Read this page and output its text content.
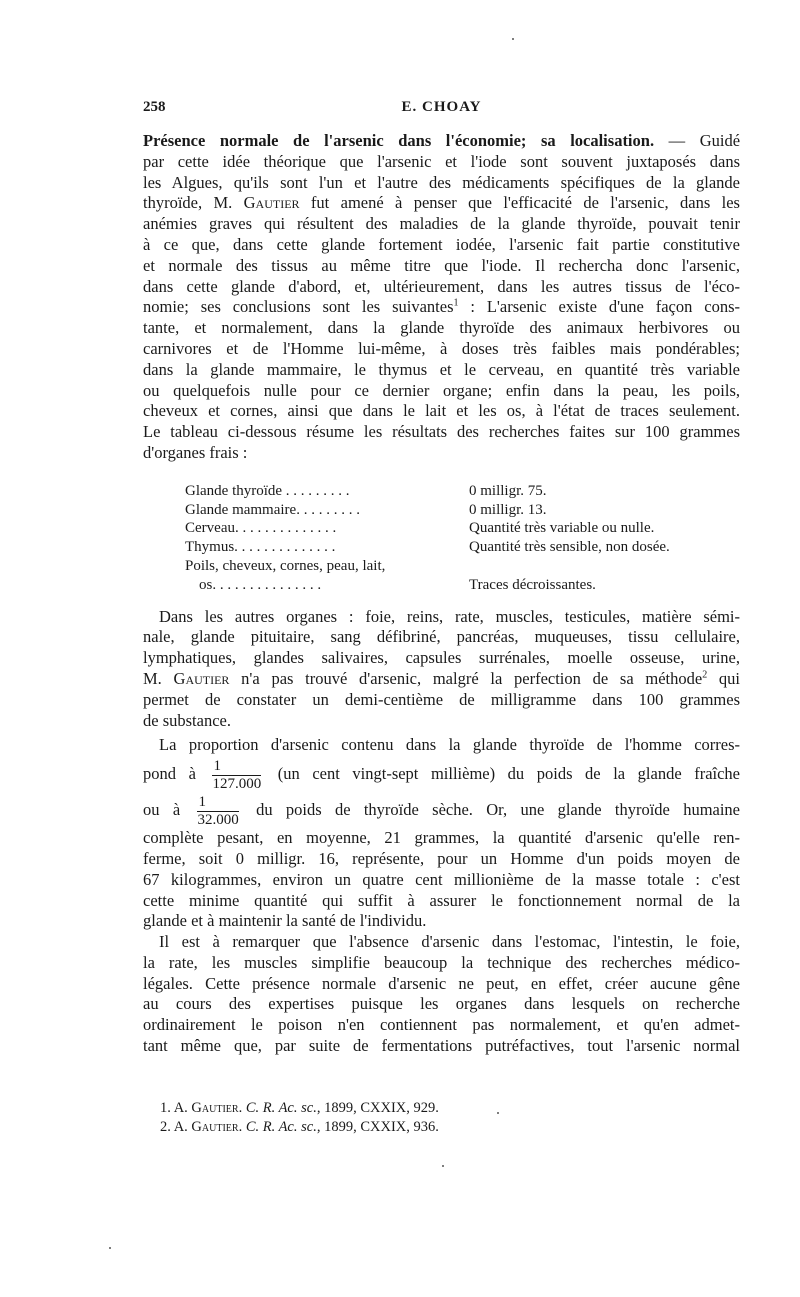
258	E. CHOAY
Présence normale de l'arsenic dans l'économie; sa localisation. — Guidé
par cette idée théorique que l'arsenic et l'iode sont souvent juxtaposés dans
les Algues, qu'ils sont l'un et l'autre des médicaments spécifiques de la glande
thyroïde, M. Gautier fut amené à penser que l'efficacité de l'arsenic, dans les
anémies graves qui résultent des maladies de la glande thyroïde, pouvait tenir
à ce que, dans cette glande fortement iodée, l'arsenic fait partie constitutive
et normale des tissus au même titre que l'iode. Il rechercha donc l'arsenic,
dans cette glande d'abord, et, ultérieurement, dans les autres tissus de l'éco-
nomie; ses conclusions sont les suivantes$^1$ : L'arsenic existe d'une façon cons-
tante, et normalement, dans la glande thyroïde des animaux herbivores ou
carnivores et de l'Homme lui-même, à doses très faibles mais pondérables;
dans la glande mammaire, le thymus et le cerveau, en quantité très variable
ou quelquefois nulle pour ce dernier organe; enfin dans la peau, les poils,
cheveux et cornes, ainsi que dans le lait et les os, à l'état de traces seulement.
Le tableau ci-dessous résume les résultats des recherches faites sur 100 grammes
d'organes frais :
Glande thyroïde . . . . . . . . .	0 milligr. 75.
Glande mammaire. . . . . . . . .	0 milligr. 13.
Cerveau. . . . . . . . . . . . . .	Quantité très variable ou nulle.
Thymus. . . . . . . . . . . . . .	Quantité très sensible, non dosée.
Poils, cheveux, cornes, peau, lait,	
os. . . . . . . . . . . . . . .	Traces décroissantes.
Dans les autres organes : foie, reins, rate, muscles, testicules, matière sémi-
nale, glande pituitaire, sang défibriné, pancréas, muqueuses, tissu cellulaire,
lymphatiques, glandes salivaires, capsules surrénales, moelle osseuse, urine,
M. Gautier n'a pas trouvé d'arsenic, malgré la perfection de sa méthode$^2$ qui
permet de constater un demi-centième de milligramme dans 100 grammes
de substance.
La proportion d'arsenic contenu dans la glande thyroïde de l'homme corres-
pond à $\frac{1}{127.000} (un$ cent vingt-sept millième) du poids de la glande fraîche
ou à $\frac{1}{32.000}$ du poids de thyroïde sèche. Or, une glande thyroïde humaine
complète pesant, en moyenne, 21 grammes, la quantité d'arsenic qu'elle ren-
ferme, soit 0 milligr. 16, représente, pour un Homme d'un poids moyen de
67 kilogrammes, environ un quatre cent millionième de la masse totale : c'est
cette minime quantité qui suffit à assurer le fonctionnement normal de la
glande et à maintenir la santé de l'individu.
Il est à remarquer que l'absence d'arsenic dans l'estomac, l'intestin, le foie,
la rate, les muscles simplifie beaucoup la technique des recherches médico-
légales. Cette présence normale d'arsenic ne peut, en effet, créer aucune gêne
au cours des expertises puisque les organes dans lesquels on recherche
ordinairement le poison n'en contiennent pas normalement, et qu'en admet-
tant même que, par suite de fermentations putréfactives, tout l'arsenic normal
1. A. Gautier. C. R. Ac. sc., 1899, CXXIX, 929.
2. A. Gautier. C. R. Ac. sc., 1899, CXXIX, 936.
